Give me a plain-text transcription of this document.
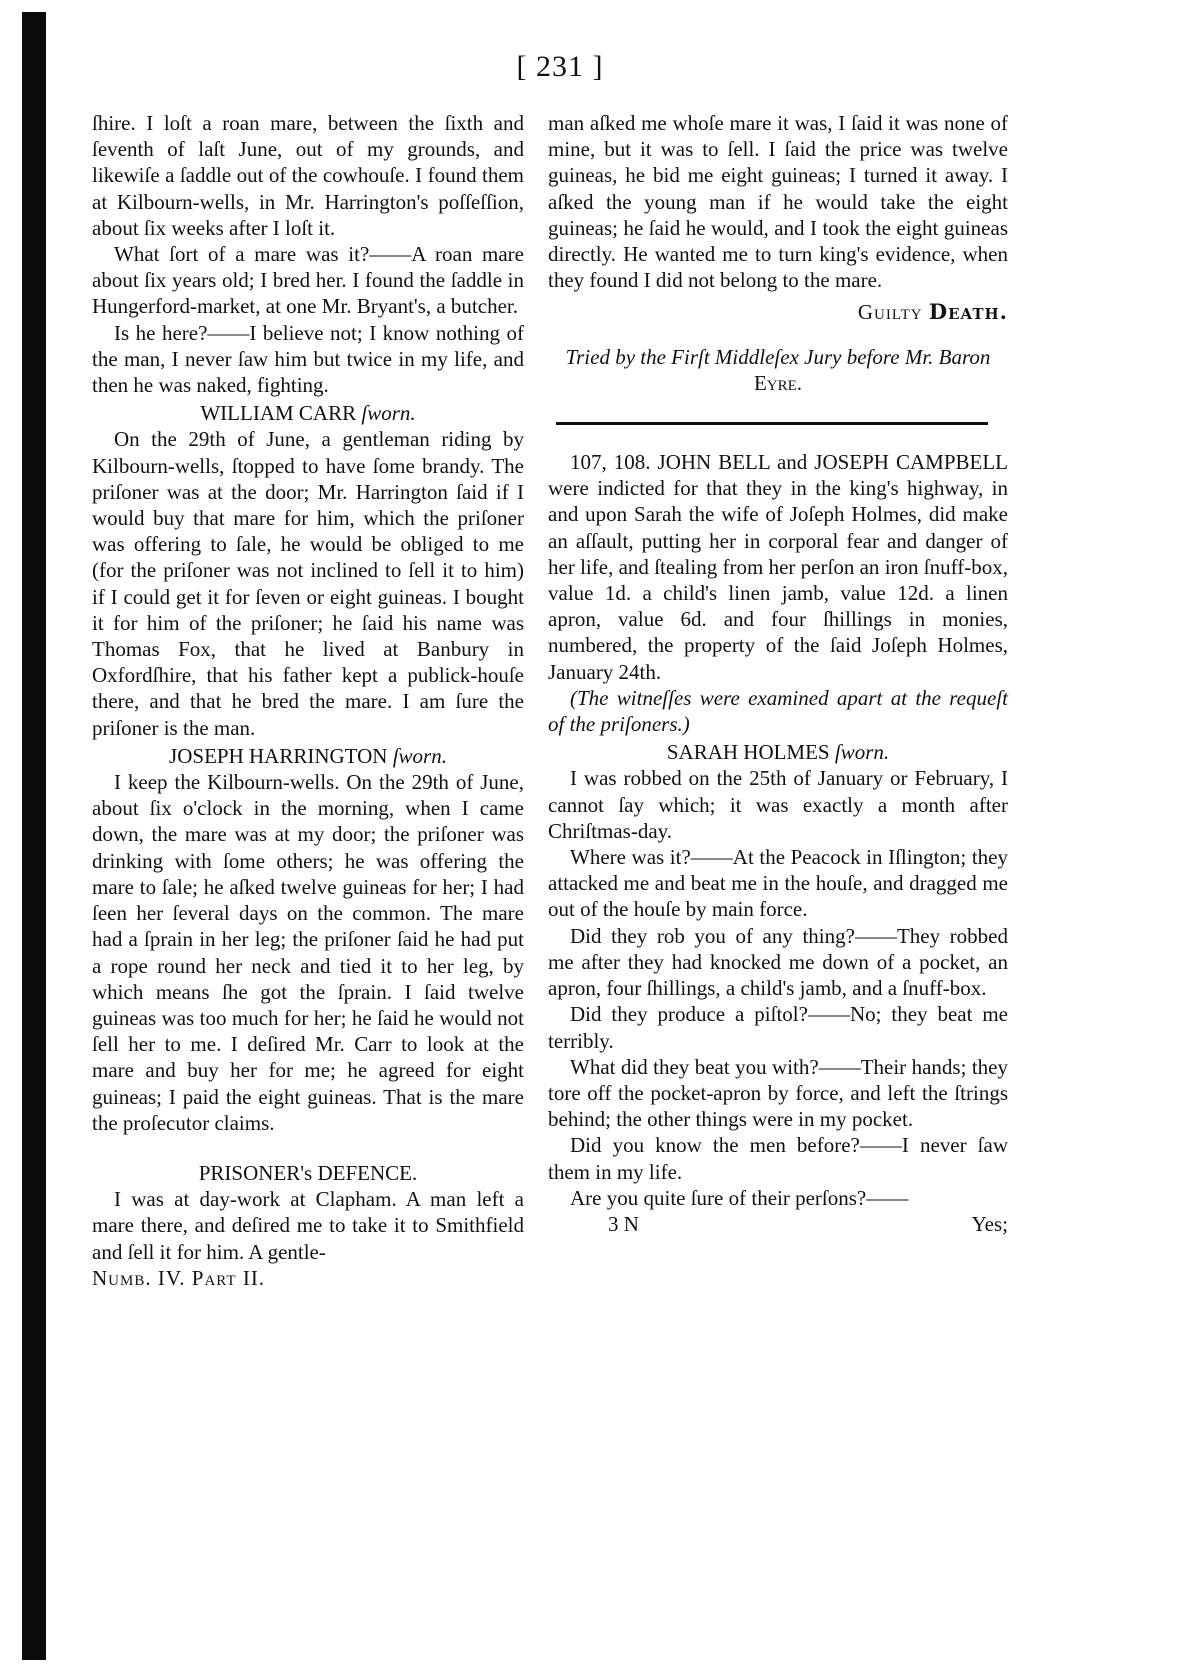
[ 231 ]

ſhire. I loſt a roan mare, between the ſixth and ſeventh of laſt June, out of my grounds, and likewiſe a ſaddle out of the cowhouſe. I found them at Kilbourn-wells, in Mr. Harrington's poſſeſſion, about ſix weeks after I loſt it.

What ſort of a mare was it?——A roan mare about ſix years old; I bred her. I found the ſaddle in Hungerford-market, at one Mr. Bryant's, a butcher.

Is he here?——I believe not; I know nothing of the man, I never ſaw him but twice in my life, and then he was naked, fighting.

WILLIAM CARR ſworn.

On the 29th of June, a gentleman riding by Kilbourn-wells, ſtopped to have ſome brandy. The priſoner was at the door; Mr. Harrington ſaid if I would buy that mare for him, which the priſoner was offering to ſale, he would be obliged to me (for the priſoner was not inclined to ſell it to him) if I could get it for ſeven or eight guineas. I bought it for him of the priſoner; he ſaid his name was Thomas Fox, that he lived at Banbury in Oxfordſhire, that his father kept a publick-houſe there, and that he bred the mare. I am ſure the priſoner is the man.

JOSEPH HARRINGTON ſworn.

I keep the Kilbourn-wells. On the 29th of June, about ſix o'clock in the morning, when I came down, the mare was at my door; the priſoner was drinking with ſome others; he was offering the mare to ſale; he aſked twelve guineas for her; I had ſeen her ſeveral days on the common. The mare had a ſprain in her leg; the priſoner ſaid he had put a rope round her neck and tied it to her leg, by which means ſhe got the ſprain. I ſaid twelve guineas was too much for her; he ſaid he would not ſell her to me. I deſired Mr. Carr to look at the mare and buy her for me; he agreed for eight guineas; I paid the eight guineas. That is the mare the proſecutor claims.

PRISONER's DEFENCE.

I was at day-work at Clapham. A man left a mare there, and deſired me to take it to Smithfield and ſell it for him. A gentle-

Numb. IV. Part II.

man aſked me whoſe mare it was, I ſaid it was none of mine, but it was to ſell. I ſaid the price was twelve guineas, he bid me eight guineas; I turned it away. I aſked the young man if he would take the eight guineas; he ſaid he would, and I took the eight guineas directly. He wanted me to turn king's evidence, when they found I did not belong to the mare.

Guilty Death.

Tried by the Firſt Middleſex Jury before Mr. Baron Eyre.

107, 108. JOHN BELL and JOSEPH CAMPBELL were indicted for that they in the king's highway, in and upon Sarah the wife of Joſeph Holmes, did make an aſſault, putting her in corporal fear and danger of her life, and ſtealing from her perſon an iron ſnuff-box, value 1d. a child's linen jamb, value 12d. a linen apron, value 6d. and four ſhillings in monies, numbered, the property of the ſaid Joſeph Holmes, January 24th.

(The witneſſes were examined apart at the requeſt of the priſoners.)

SARAH HOLMES ſworn.

I was robbed on the 25th of January or February, I cannot ſay which; it was exactly a month after Chriſtmas-day.

Where was it?——At the Peacock in Iſlington; they attacked me and beat me in the houſe, and dragged me out of the houſe by main force.

Did they rob you of any thing?——They robbed me after they had knocked me down of a pocket, an apron, four ſhillings, a child's jamb, and a ſnuff-box.

Did they produce a piſtol?——No; they beat me terribly.

What did they beat you with?——Their hands; they tore off the pocket-apron by force, and left the ſtrings behind; the other things were in my pocket.

Did you know the men before?——I never ſaw them in my life.

Are you quite ſure of their perſons?——

3 N	Yes;
